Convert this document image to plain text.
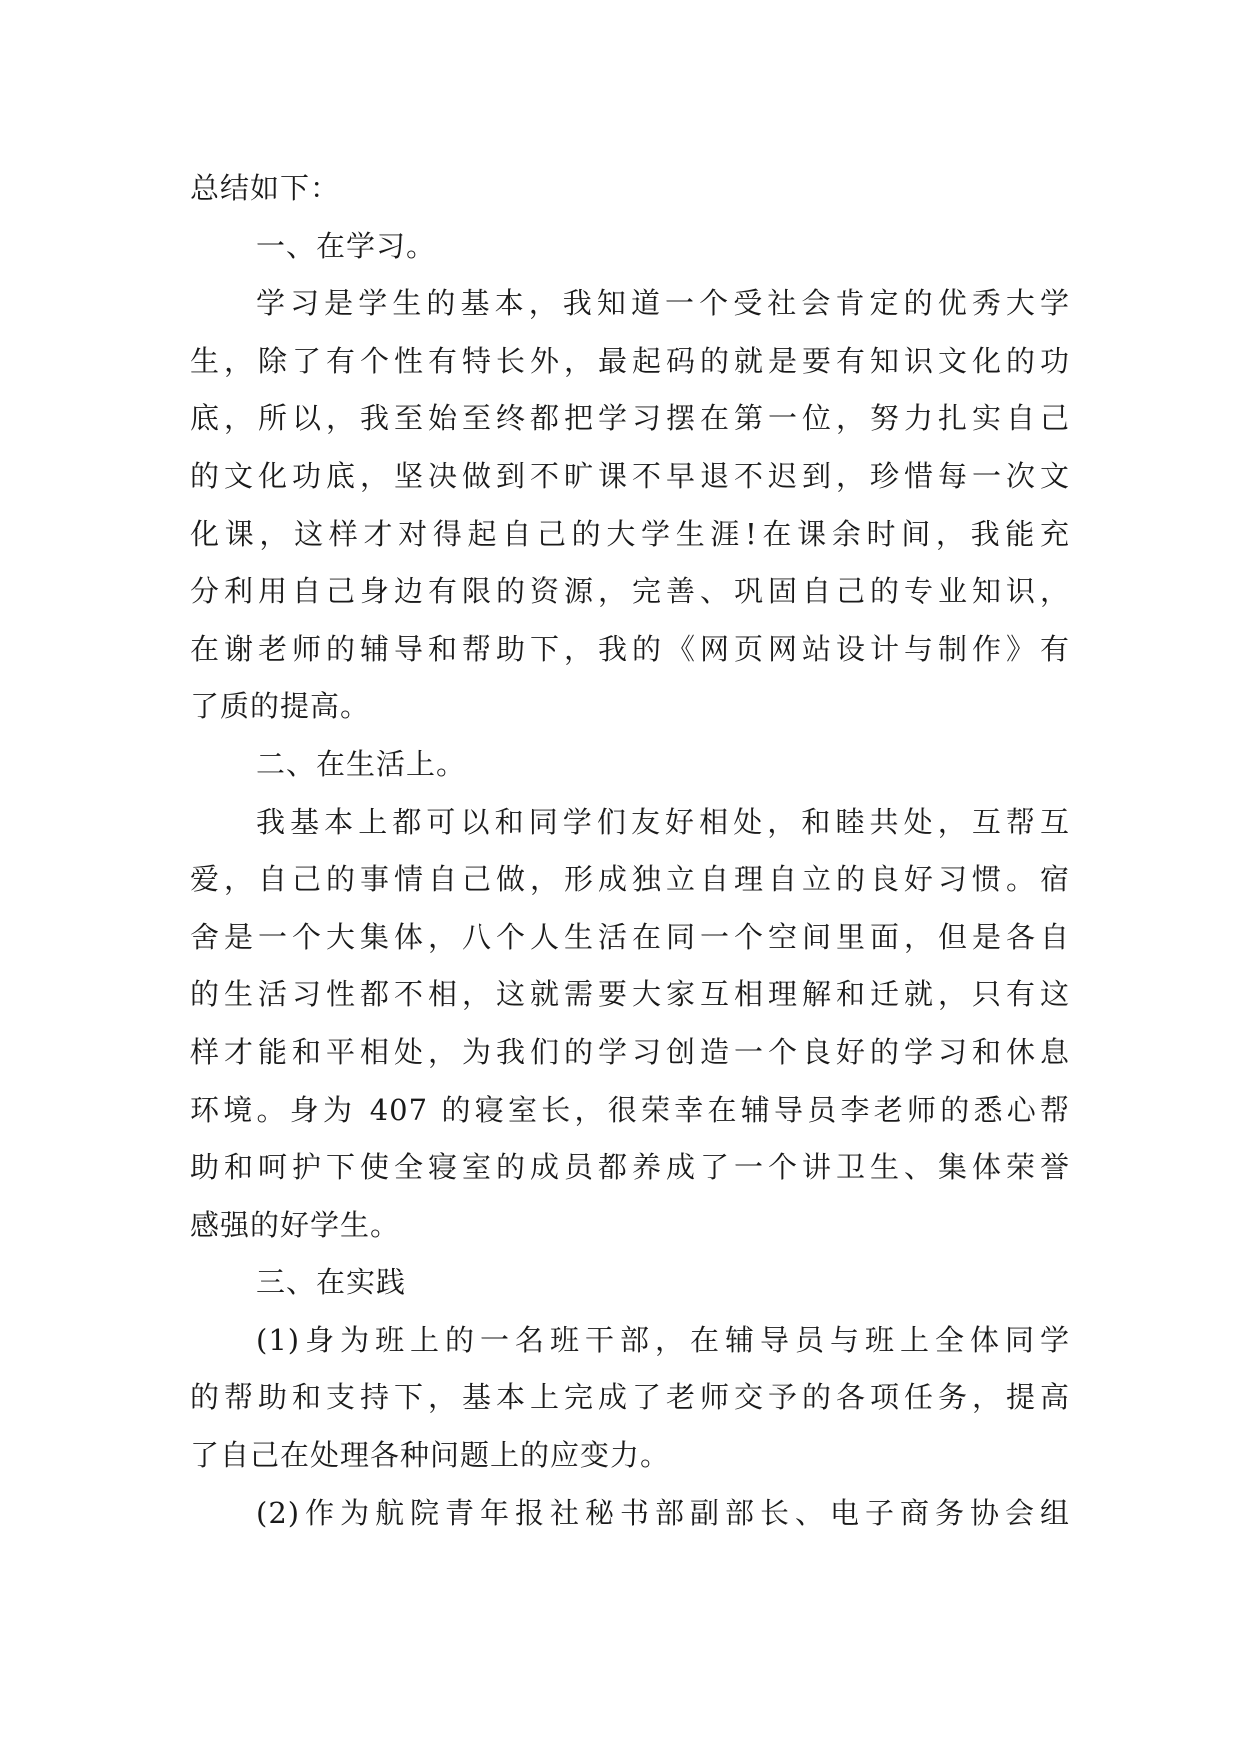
总结如下：
一、在学习。
学习是学生的基本，我知道一个受社会肯定的优秀大学
生，除了有个性有特长外，最起码的就是要有知识文化的功
底，所以，我至始至终都把学习摆在第一位，努力扎实自己
的文化功底，坚决做到不旷课不早退不迟到，珍惜每一次文
化课，这样才对得起自己的大学生涯!在课余时间，我能充
分利用自己身边有限的资源，完善、巩固自己的专业知识，
在谢老师的辅导和帮助下，我的《网页网站设计与制作》有
了质的提高。
二、在生活上。
我基本上都可以和同学们友好相处，和睦共处，互帮互
爱，自己的事情自己做，形成独立自理自立的良好习惯。宿
舍是一个大集体，八个人生活在同一个空间里面，但是各自
的生活习性都不相，这就需要大家互相理解和迁就，只有这
样才能和平相处，为我们的学习创造一个良好的学习和休息
环境。身为 407 的寝室长，很荣幸在辅导员李老师的悉心帮
助和呵护下使全寝室的成员都养成了一个讲卫生、集体荣誉
感强的好学生。
三、在实践
(1)身为班上的一名班干部，在辅导员与班上全体同学
的帮助和支持下，基本上完成了老师交予的各项任务，提高
了自己在处理各种问题上的应变力。
(2)作为航院青年报社秘书部副部长、电子商务协会组
